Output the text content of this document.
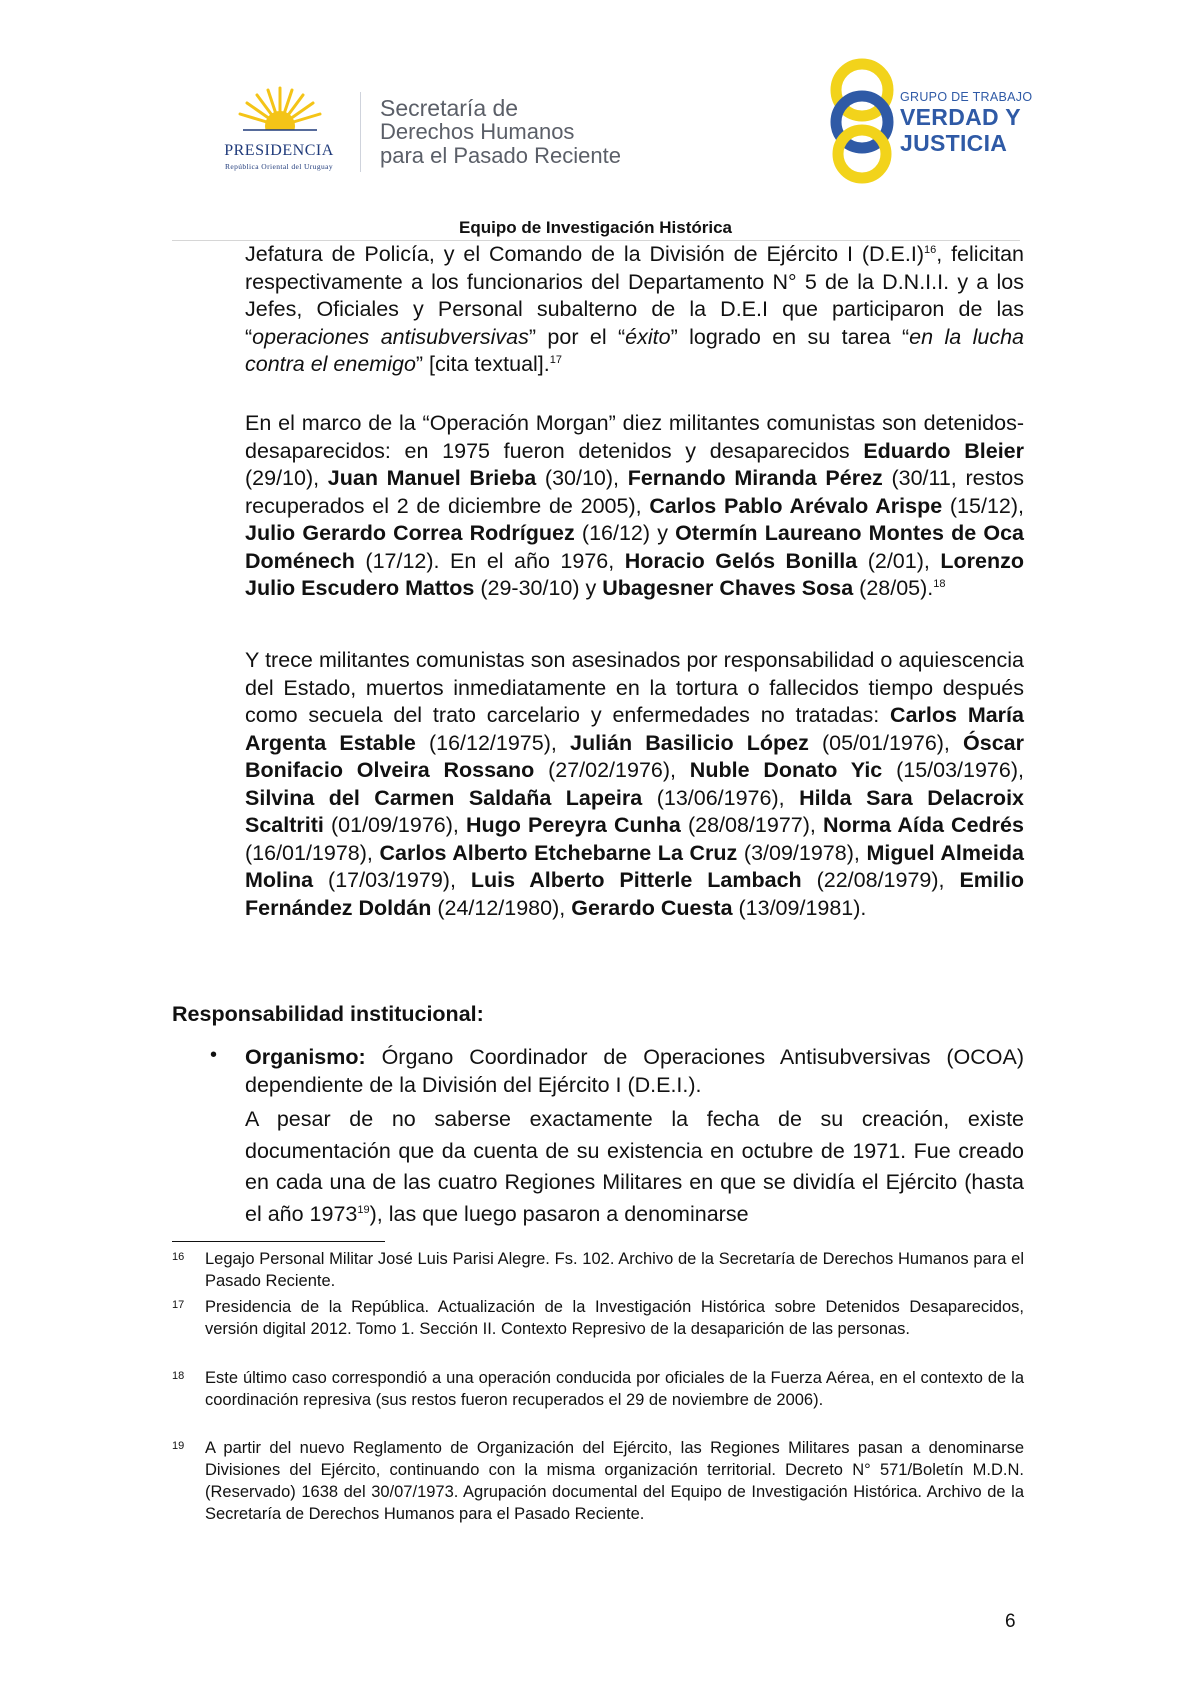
PRESIDENCIA
República Oriental del Uruguay
Secretaría de
Derechos Humanos
para el Pasado Reciente
GRUPO DE TRABAJO
VERDAD Y
JUSTICIA
Equipo de Investigación Histórica

Jefatura de Policía, y el Comando de la División de Ejército I $(D.E.I)^{16}$, felicitan respectivamente a los funcionarios del Departamento N° 5 de la D.N.I.I. y a los Jefes, Oficiales y Personal subalterno de la D.E.I que participaron de las “operaciones antisubversivas” por el “éxito” logrado en su tarea “en la lucha contra el enemigo” [cita textual].$^{17}$

En el marco de la “Operación Morgan” diez militantes comunistas son detenidos-desaparecidos: en 1975 fueron detenidos y desaparecidos Eduardo Bleier (29/10), Juan Manuel Brieba (30/10), Fernando Miranda Pérez (30/11, restos recuperados el 2 de diciembre de 2005), Carlos Pablo Arévalo Arispe (15/12), Julio Gerardo Correa Rodríguez (16/12) y Otermín Laureano Montes de Oca Doménech (17/12). En el año 1976, Horacio Gelós Bonilla (2/01), Lorenzo Julio Escudero Mattos (29-30/10) y Ubagesner Chaves Sosa (28/05).$^{18}$

Y trece militantes comunistas son asesinados por responsabilidad o aquiescencia del Estado, muertos inmediatamente en la tortura o fallecidos tiempo después como secuela del trato carcelario y enfermedades no tratadas: Carlos María Argenta Estable (16/12/1975), Julián Basilicio López (05/01/1976), Óscar Bonifacio Olveira Rossano (27/02/1976), Nuble Donato Yic (15/03/1976), Silvina del Carmen Saldaña Lapeira (13/06/1976), Hilda Sara Delacroix Scaltriti (01/09/1976), Hugo Pereyra Cunha (28/08/1977), Norma Aída Cedrés (16/01/1978), Carlos Alberto Etchebarne La Cruz (3/09/1978), Miguel Almeida Molina (17/03/1979), Luis Alberto Pitterle Lambach (22/08/1979), Emilio Fernández Doldán (24/12/1980), Gerardo Cuesta (13/09/1981).

Responsabilidad institucional:
• Organismo: Órgano Coordinador de Operaciones Antisubversivas (OCOA) dependiente de la División del Ejército I (D.E.I.).

A pesar de no saberse exactamente la fecha de su creación, existe documentación que da cuenta de su existencia en octubre de 1971. Fue creado en cada una de las cuatro Regiones Militares en que se dividía el Ejército (hasta el año 1973$^{19}$), las que luego pasaron a denominarse

16 Legajo Personal Militar José Luis Parisi Alegre. Fs. 102. Archivo de la Secretaría de Derechos Humanos para el Pasado Reciente.
17 Presidencia de la República. Actualización de la Investigación Histórica sobre Detenidos Desaparecidos, versión digital 2012. Tomo 1. Sección II. Contexto Represivo de la desaparición de las personas.
18 Este último caso correspondió a una operación conducida por oficiales de la Fuerza Aérea, en el contexto de la coordinación represiva (sus restos fueron recuperados el 29 de noviembre de 2006).
19 A partir del nuevo Reglamento de Organización del Ejército, las Regiones Militares pasan a denominarse Divisiones del Ejército, continuando con la misma organización territorial. Decreto N° 571/Boletín M.D.N. (Reservado) 1638 del 30/07/1973. Agrupación documental del Equipo de Investigación Histórica. Archivo de la Secretaría de Derechos Humanos para el Pasado Reciente.
6
